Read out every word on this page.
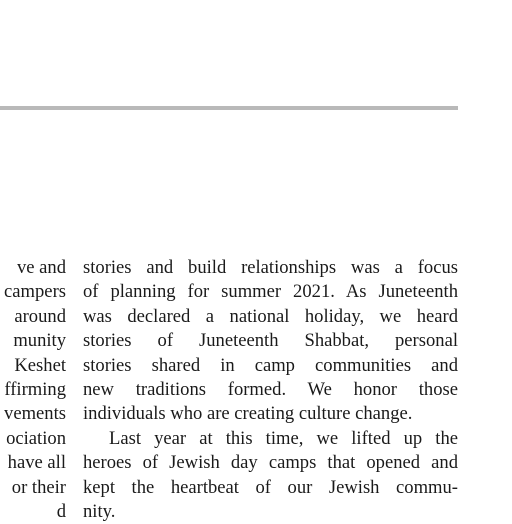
ve and
campers
around
munity
Keshet
ffirming
vements
ociation
have all
or their
d
stories and build relationships was a focus
of planning for summer 2021. As Juneteenth
was declared a national holiday, we heard
stories of Juneteenth Shabbat, personal
stories shared in camp communities and
new traditions formed. We honor those
individuals who are creating culture change.
Last year at this time, we lifted up the
heroes of Jewish day camps that opened and
kept the heartbeat of our Jewish commu-
nity.
